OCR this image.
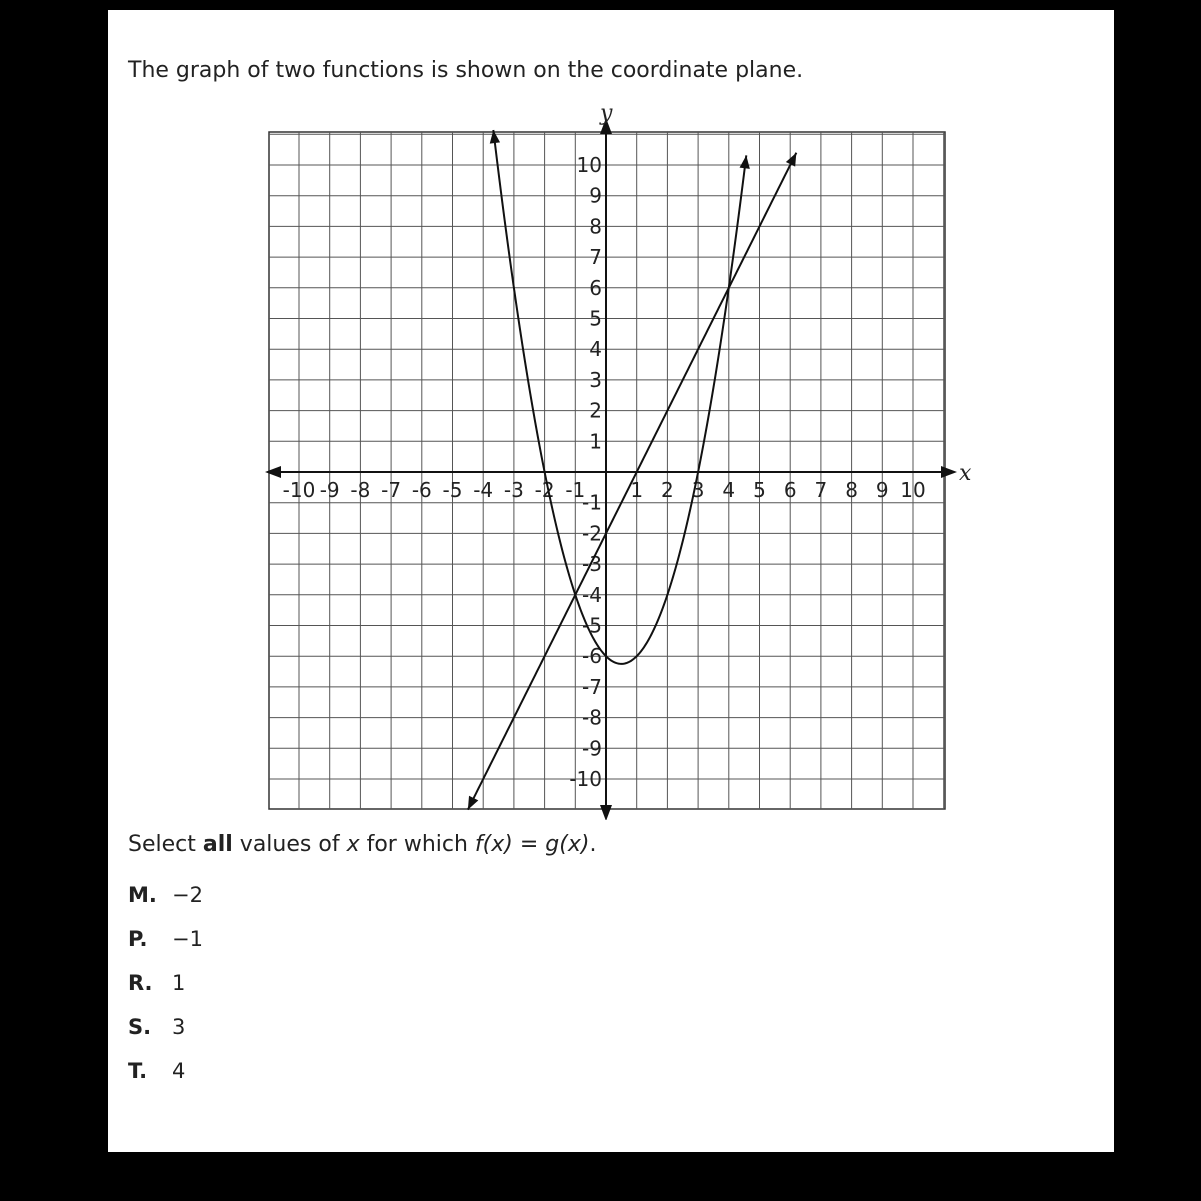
The graph of two functions is shown on the coordinate plane.

-10 -9 -8 -7 -6 -5 -4 -3 -2 -1 1 2 3 4 5 6 7 8 9 10
10
9
8
7
6
5
4
3
2
1
-1
-2
-3
-4
-5
-6
-7
-8
-9
-10
x
y

Select all values of x for which f(x) = g(x).

M. −2
P.	−1
R. 1
S. 3
T.	4
